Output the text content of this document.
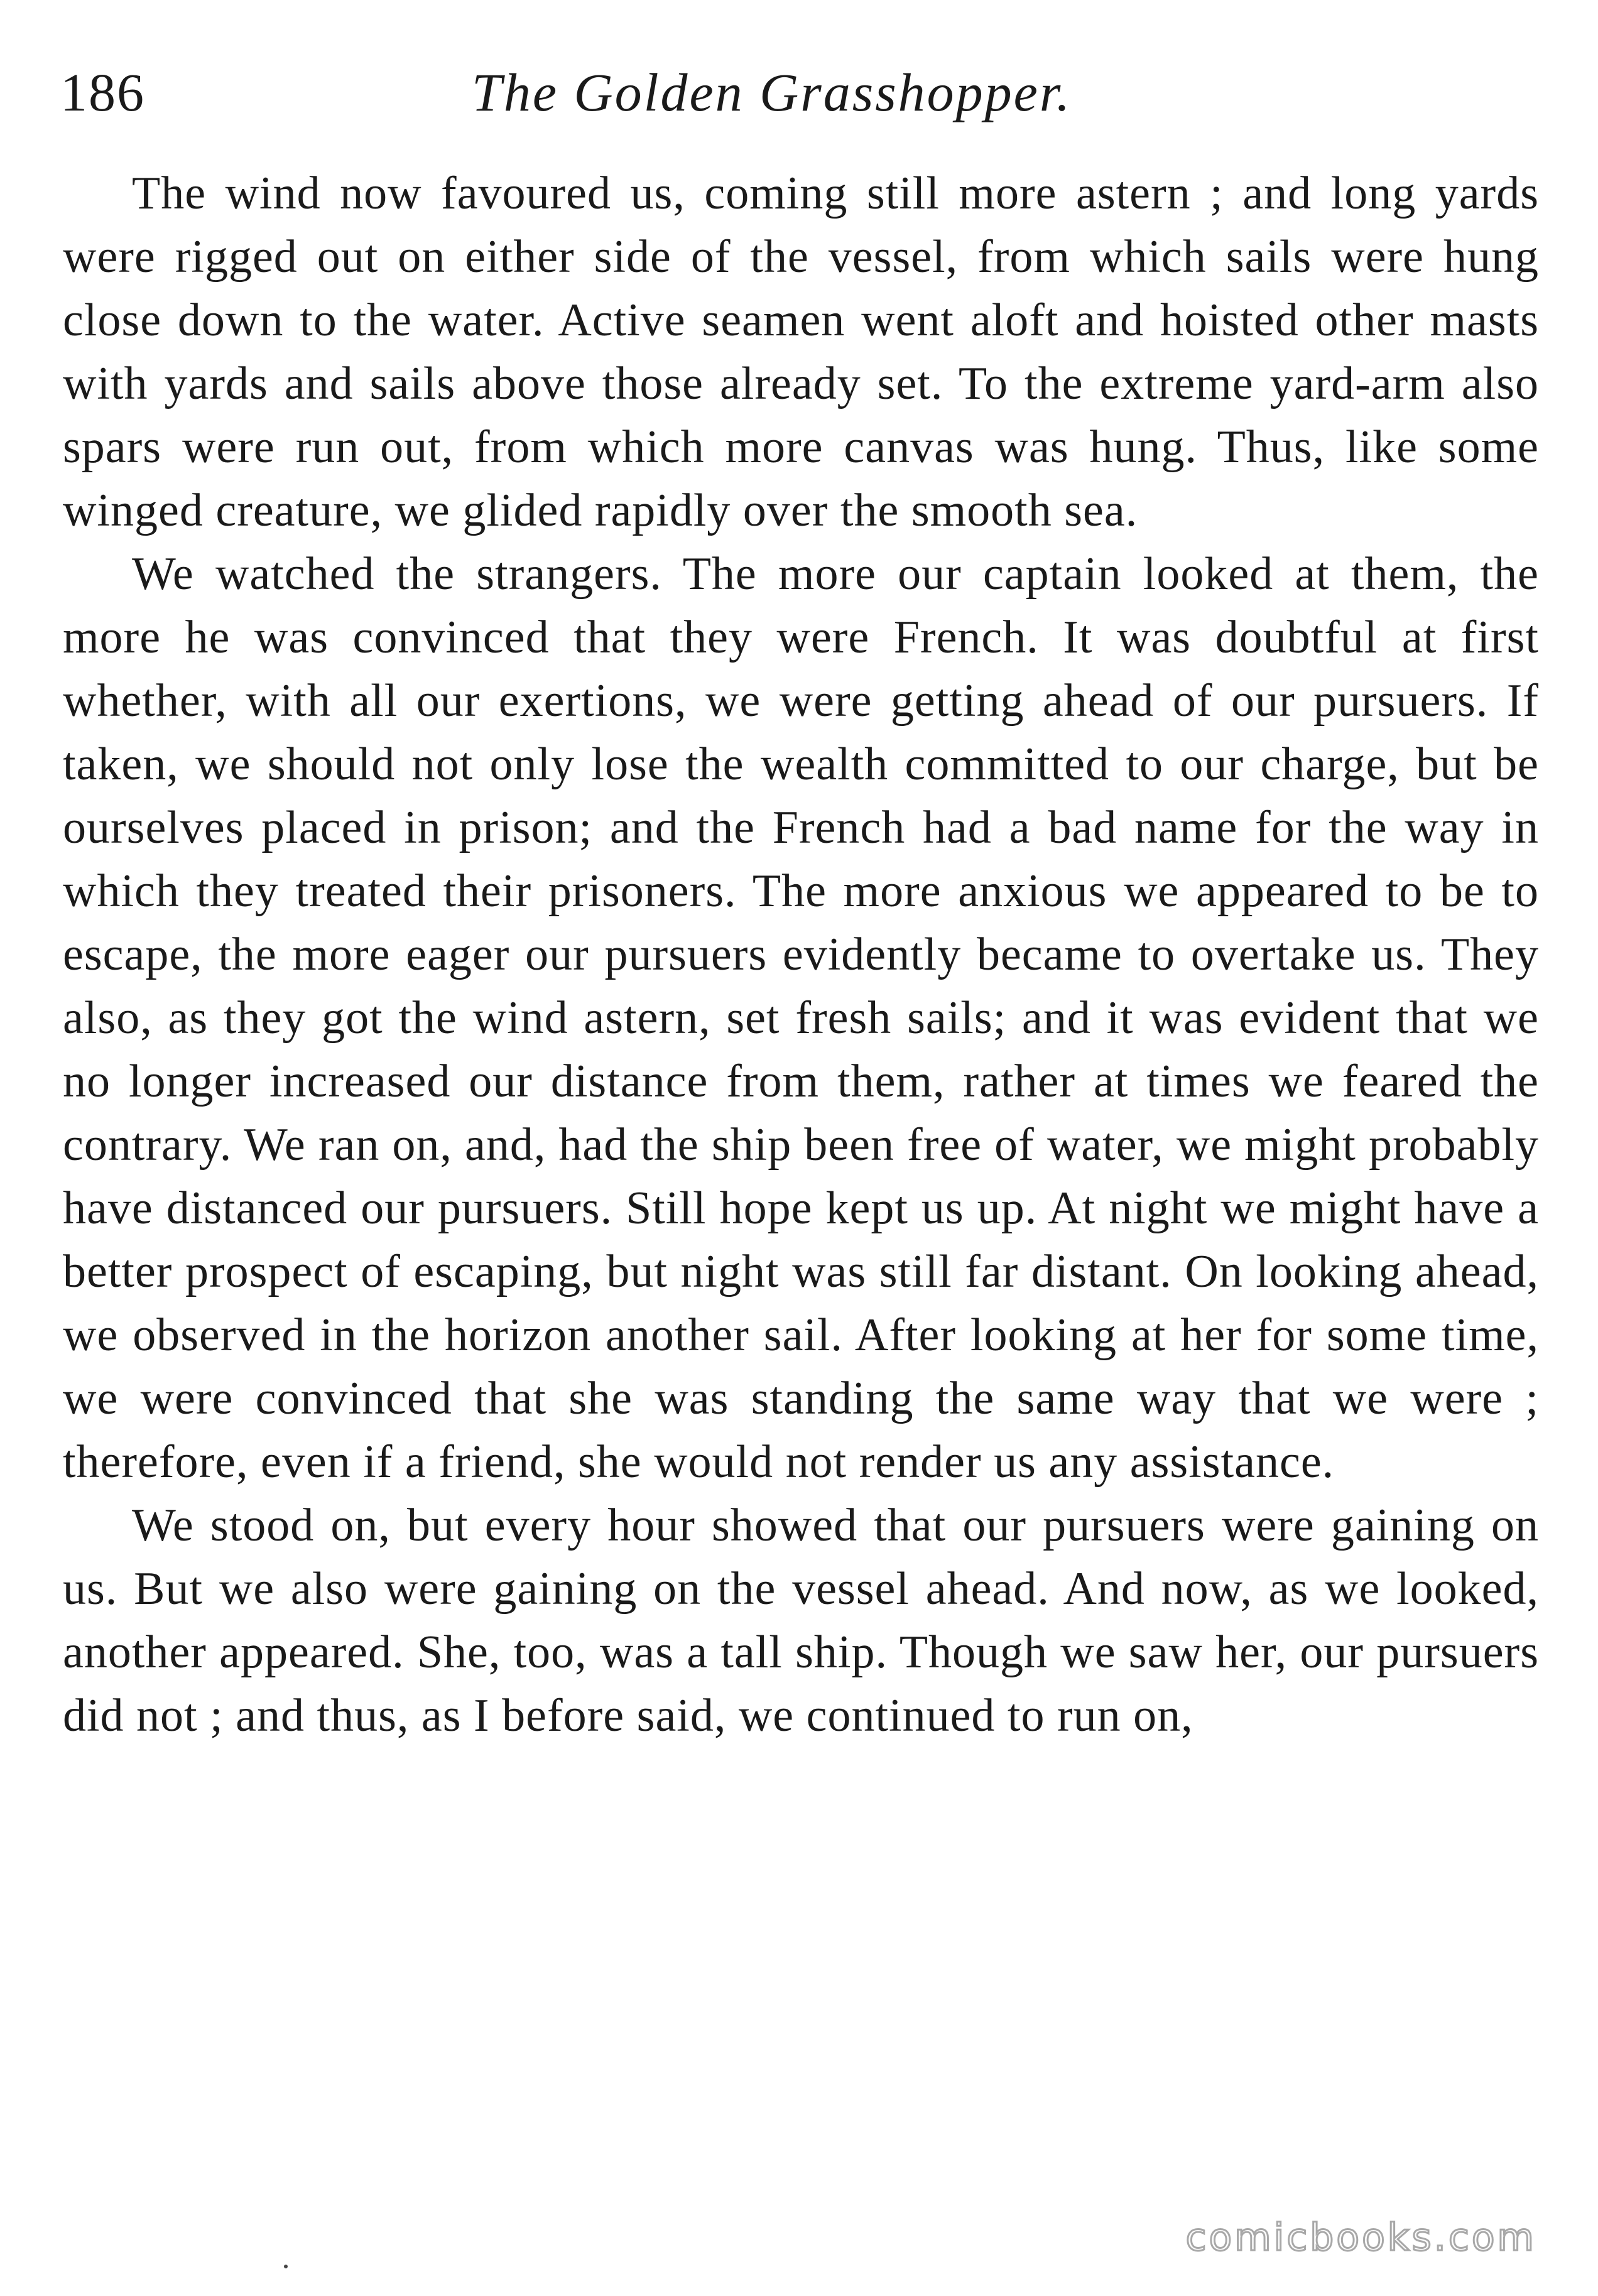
186	The Golden Grasshopper.

The wind now favoured us, coming still more astern ; and long yards were rigged out on either side of the vessel, from which sails were hung close down to the water. Active seamen went aloft and hoisted other masts with yards and sails above those already set. To the extreme yard-arm also spars were run out, from which more canvas was hung. Thus, like some winged creature, we glided rapidly over the smooth sea.

We watched the strangers. The more our captain looked at them, the more he was convinced that they were French. It was doubtful at first whether, with all our exertions, we were getting ahead of our pursuers. If taken, we should not only lose the wealth committed to our charge, but be ourselves placed in prison; and the French had a bad name for the way in which they treated their prisoners. The more anxious we appeared to be to escape, the more eager our pursuers evidently became to overtake us. They also, as they got the wind astern, set fresh sails; and it was evident that we no longer increased our distance from them, rather at times we feared the contrary. We ran on, and, had the ship been free of water, we might probably have distanced our pursuers. Still hope kept us up. At night we might have a better prospect of escaping, but night was still far distant. On looking ahead, we observed in the horizon another sail. After looking at her for some time, we were convinced that she was standing the same way that we were ; therefore, even if a friend, she would not render us any assistance.

We stood on, but every hour showed that our pursuers were gaining on us. But we also were gaining on the vessel ahead. And now, as we looked, another appeared. She, too, was a tall ship. Though we saw her, our pursuers did not ; and thus, as I before said, we continued to run on,

comicbooks.com
